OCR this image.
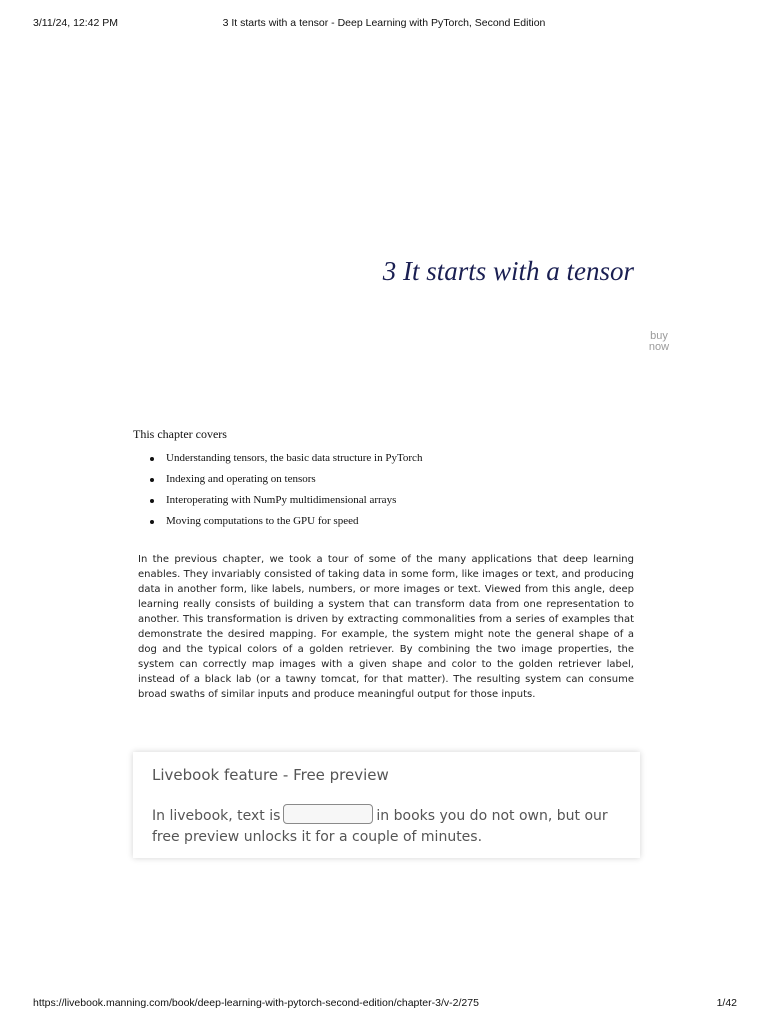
3/11/24, 12:42 PM	3 It starts with a tensor - Deep Learning with PyTorch, Second Edition
3 It starts with a tensor
buy
now

This chapter covers

Understanding tensors, the basic data structure in PyTorch
Indexing and operating on tensors
Interoperating with NumPy multidimensional arrays
Moving computations to the GPU for speed

In the previous chapter, we took a tour of some of the many applications that deep learning enables. They invariably consisted of taking data in some form, like images or text, and producing data in another form, like labels, numbers, or more images or text. Viewed from this angle, deep learning really consists of building a system that can transform data from one representation to another. This transformation is driven by extracting commonalities from a series of examples that demonstrate the desired mapping. For example, the system might note the general shape of a dog and the typical colors of a golden retriever. By combining the two image properties, the system can correctly map images with a given shape and color to the golden retriever label, instead of a black lab (or a tawny tomcat, for that matter). The resulting system can consume broad swaths of similar inputs and produce meaningful output for those inputs.

Livebook feature - Free preview

In livebook, text is	in books you do not own, but our free preview unlocks it for a couple of minutes.

https://livebook.manning.com/book/deep-learning-with-pytorch-second-edition/chapter-3/v-2/275	1/42
